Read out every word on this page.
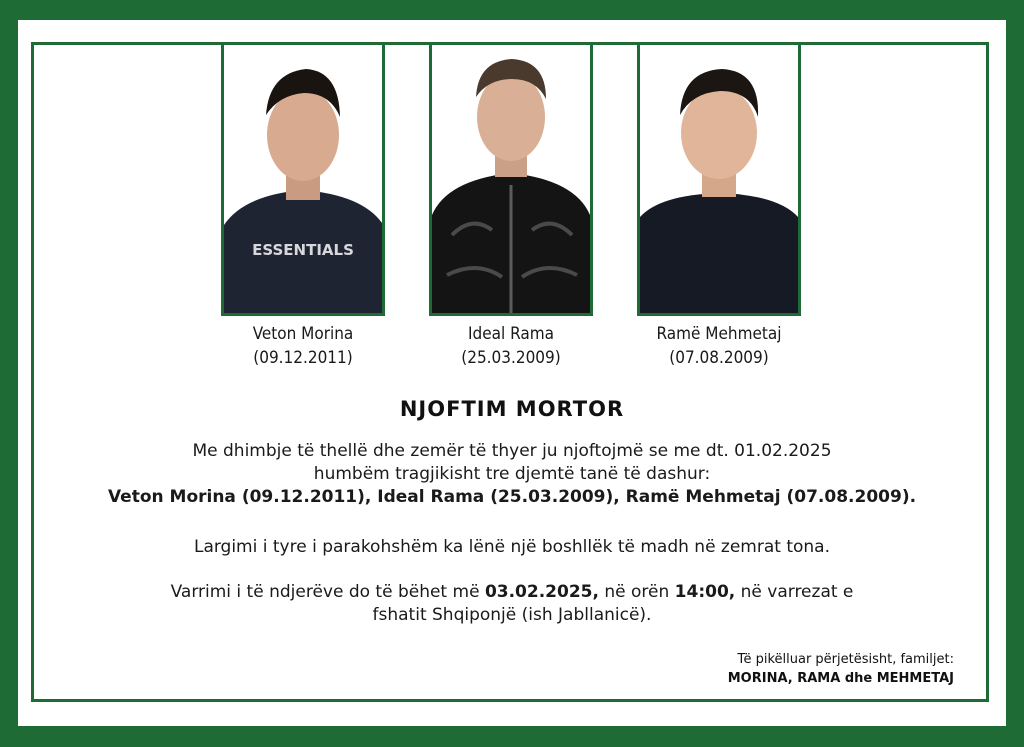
ESSENTIALS
Veton Morina
(09.12.2011)
Ideal Rama
(25.03.2009)
Ramë Mehmetaj
(07.08.2009)
NJOFTIM MORTOR
Me dhimbje të thellë dhe zemër të thyer ju njoftojmë se me dt. 01.02.2025
humbëm tragjikisht tre djemtë tanë të dashur:
Veton Morina (09.12.2011), Ideal Rama (25.03.2009), Ramë Mehmetaj (07.08.2009).
Largimi i tyre i parakohshëm ka lënë një boshllëk të madh në zemrat tona.
Varrimi i të ndjerëve do të bëhet më 03.02.2025, në orën 14:00, në varrezat e
fshatit Shqiponjë (ish Jabllanicë).
Të pikëlluar përjetësisht, familjet:
MORINA, RAMA dhe MEHMETAJ
